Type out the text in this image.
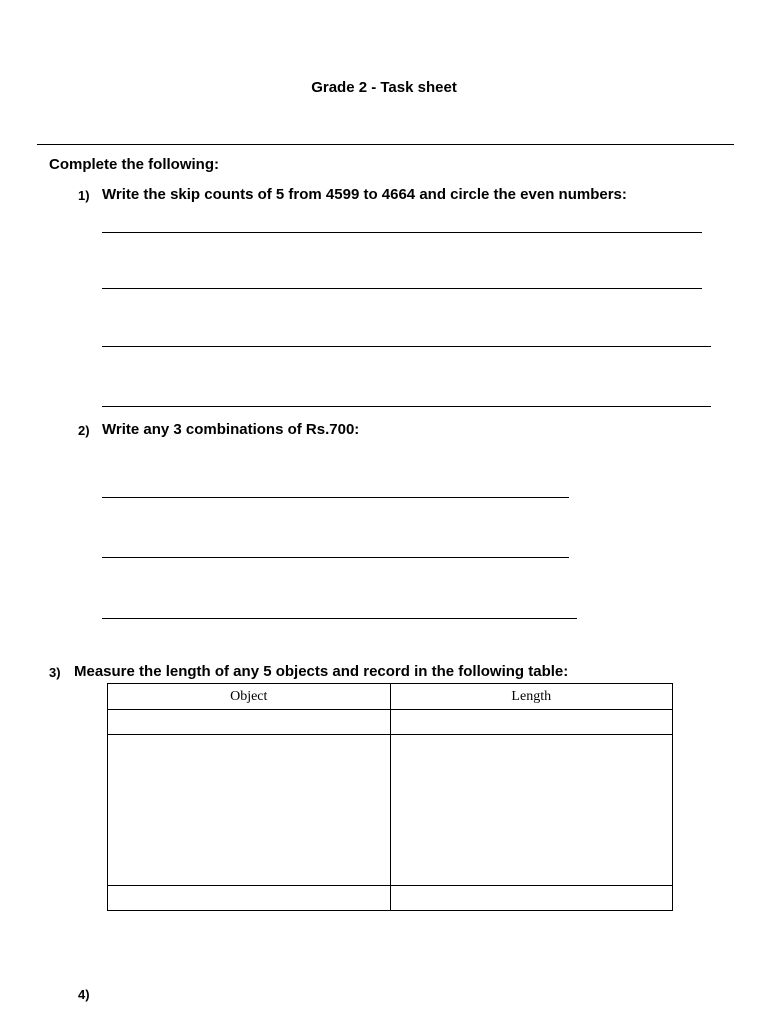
Grade 2 - Task sheet
Complete the following:
1) Write the skip counts of 5 from 4599 to 4664 and circle the even numbers:
2) Write any 3 combinations of Rs.700:
3) Measure the length of any 5 objects and record in the following table:
Object	Length

4)
